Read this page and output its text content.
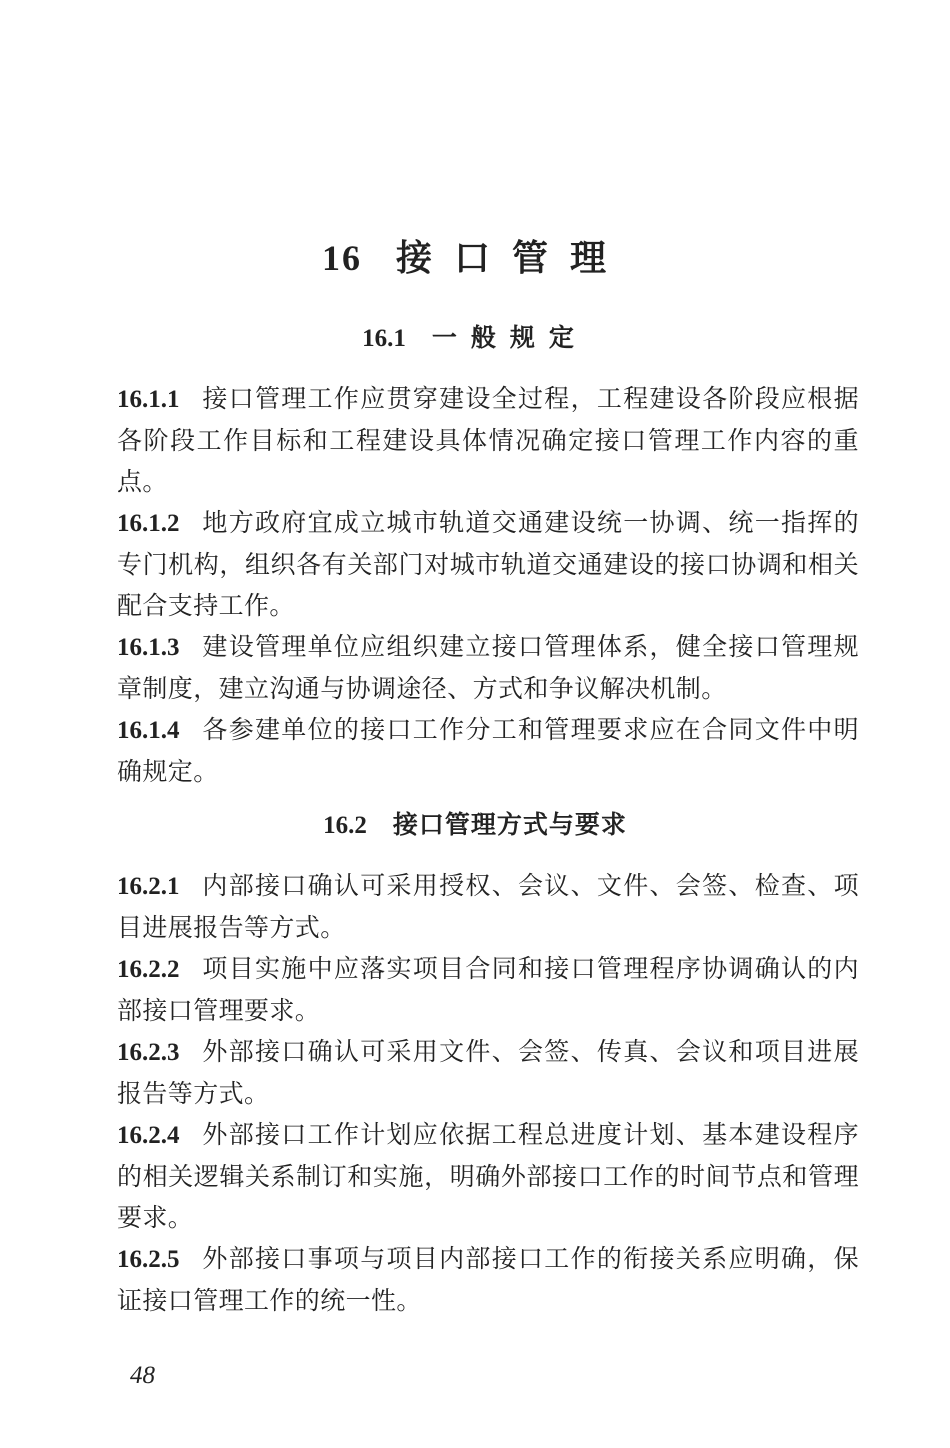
16 接口管理
16.1 一般规定

16.1.1 接口管理工作应贯穿建设全过程，工程建设各阶段应根据各阶段工作目标和工程建设具体情况确定接口管理工作内容的重点。

16.1.2 地方政府宜成立城市轨道交通建设统一协调、统一指挥的专门机构，组织各有关部门对城市轨道交通建设的接口协调和相关配合支持工作。

16.1.3 建设管理单位应组织建立接口管理体系，健全接口管理规章制度，建立沟通与协调途径、方式和争议解决机制。

16.1.4 各参建单位的接口工作分工和管理要求应在合同文件中明确规定。

16.2 接口管理方式与要求

16.2.1 内部接口确认可采用授权、会议、文件、会签、检查、项目进展报告等方式。

16.2.2 项目实施中应落实项目合同和接口管理程序协调确认的内部接口管理要求。

16.2.3 外部接口确认可采用文件、会签、传真、会议和项目进展报告等方式。

16.2.4 外部接口工作计划应依据工程总进度计划、基本建设程序的相关逻辑关系制订和实施，明确外部接口工作的时间节点和管理要求。

16.2.5 外部接口事项与项目内部接口工作的衔接关系应明确，保证接口管理工作的统一性。

48
